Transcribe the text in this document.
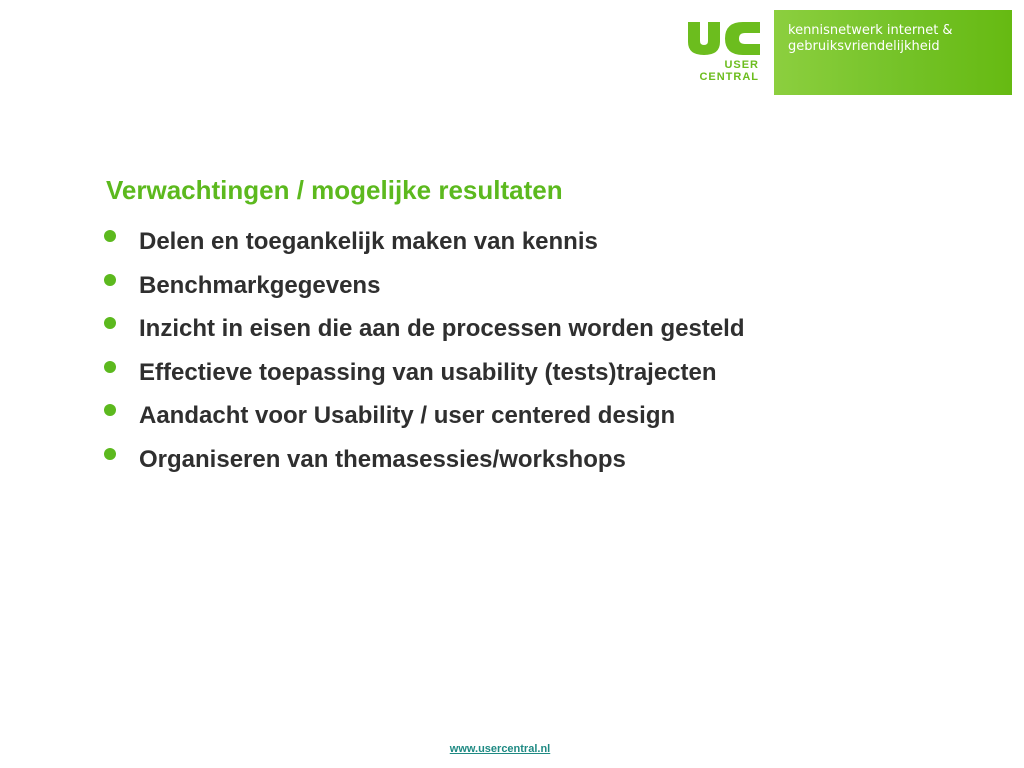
USER
CENTRAL
kennisnetwerk internet &
gebruiksvriendelijkheid
Verwachtingen / mogelijke resultaten
Delen en toegankelijk maken van kennis
Benchmarkgegevens
Inzicht in eisen die aan de processen worden gesteld
Effectieve toepassing van usability (tests)trajecten
Aandacht voor Usability / user centered design
Organiseren van themasessies/workshops
www.usercentral.nl
